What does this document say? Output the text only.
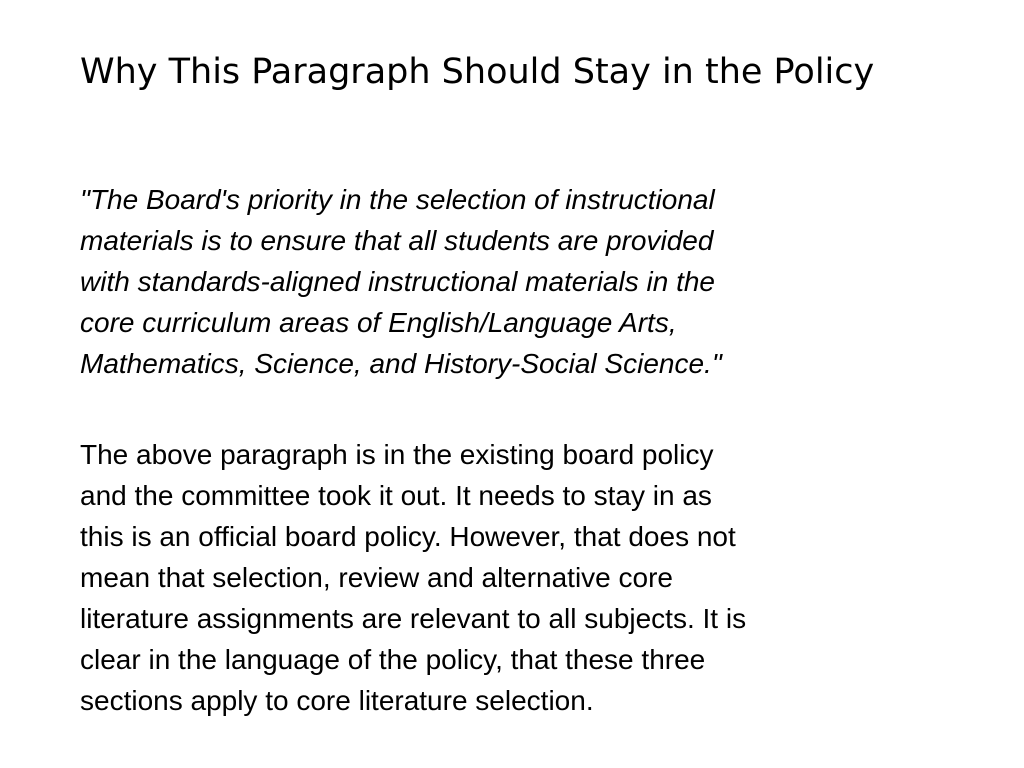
Why This Paragraph Should Stay in the Policy

"The Board's priority in the selection of instructional
materials is to ensure that all students are provided
with standards-aligned instructional materials in the
core curriculum areas of English/Language Arts,
Mathematics, Science, and History-Social Science."

The above paragraph is in the existing board policy
and the committee took it out. It needs to stay in as
this is an official board policy. However, that does not
mean that selection, review and alternative core
literature assignments are relevant to all subjects. It is
clear in the language of the policy, that these three
sections apply to core literature selection.
